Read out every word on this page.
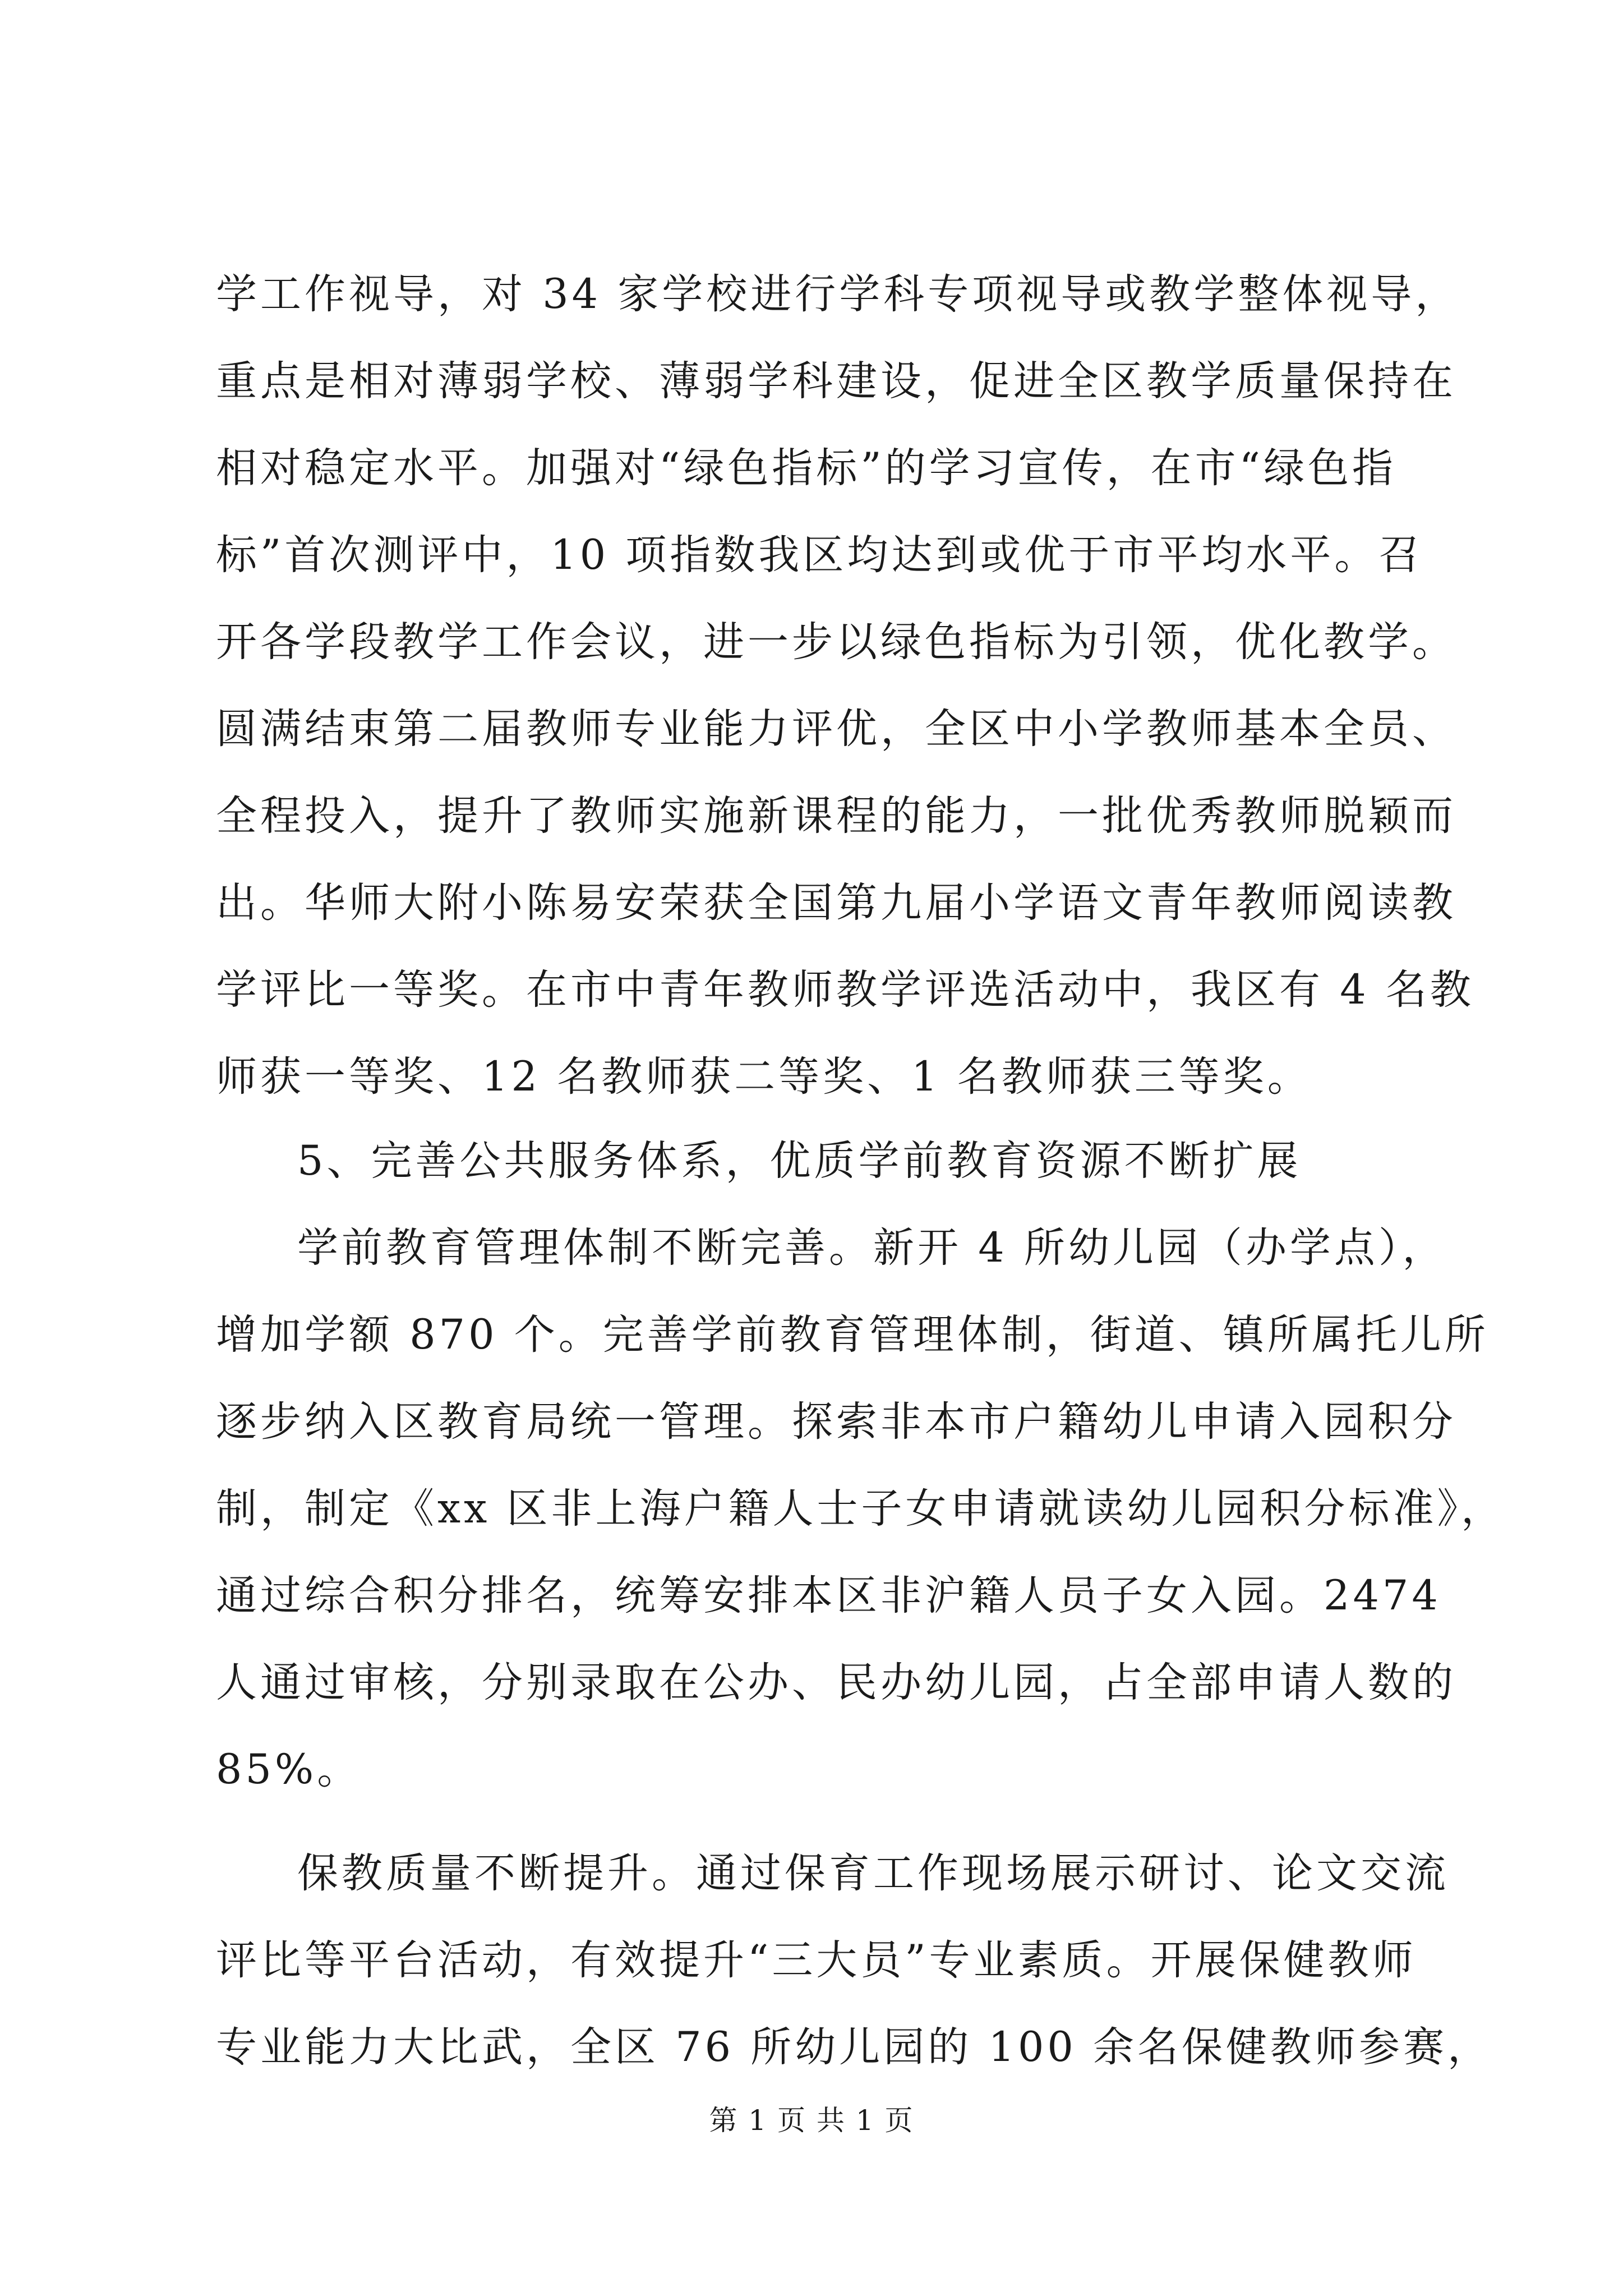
学工作视导，对 34 家学校进行学科专项视导或教学整体视导，
重点是相对薄弱学校、薄弱学科建设，促进全区教学质量保持在
相对稳定水平。加强对“绿色指标”的学习宣传，在市“绿色指
标”首次测评中，10 项指数我区均达到或优于市平均水平。召
开各学段教学工作会议，进一步以绿色指标为引领，优化教学。
圆满结束第二届教师专业能力评优，全区中小学教师基本全员、
全程投入，提升了教师实施新课程的能力，一批优秀教师脱颖而
出。华师大附小陈易安荣获全国第九届小学语文青年教师阅读教
学评比一等奖。在市中青年教师教学评选活动中，我区有 4 名教
师获一等奖、12 名教师获二等奖、1 名教师获三等奖。
5、完善公共服务体系，优质学前教育资源不断扩展
学前教育管理体制不断完善。新开 4 所幼儿园（办学点），
增加学额 870 个。完善学前教育管理体制，街道、镇所属托儿所
逐步纳入区教育局统一管理。探索非本市户籍幼儿申请入园积分
制，制定《xx 区非上海户籍人士子女申请就读幼儿园积分标准》，
通过综合积分排名，统筹安排本区非沪籍人员子女入园。2474
人通过审核，分别录取在公办、民办幼儿园，占全部申请人数的
85%。
保教质量不断提升。通过保育工作现场展示研讨、论文交流
评比等平台活动，有效提升“三大员”专业素质。开展保健教师
专业能力大比武，全区 76 所幼儿园的 100 余名保健教师参赛，
第 1 页 共 1 页
